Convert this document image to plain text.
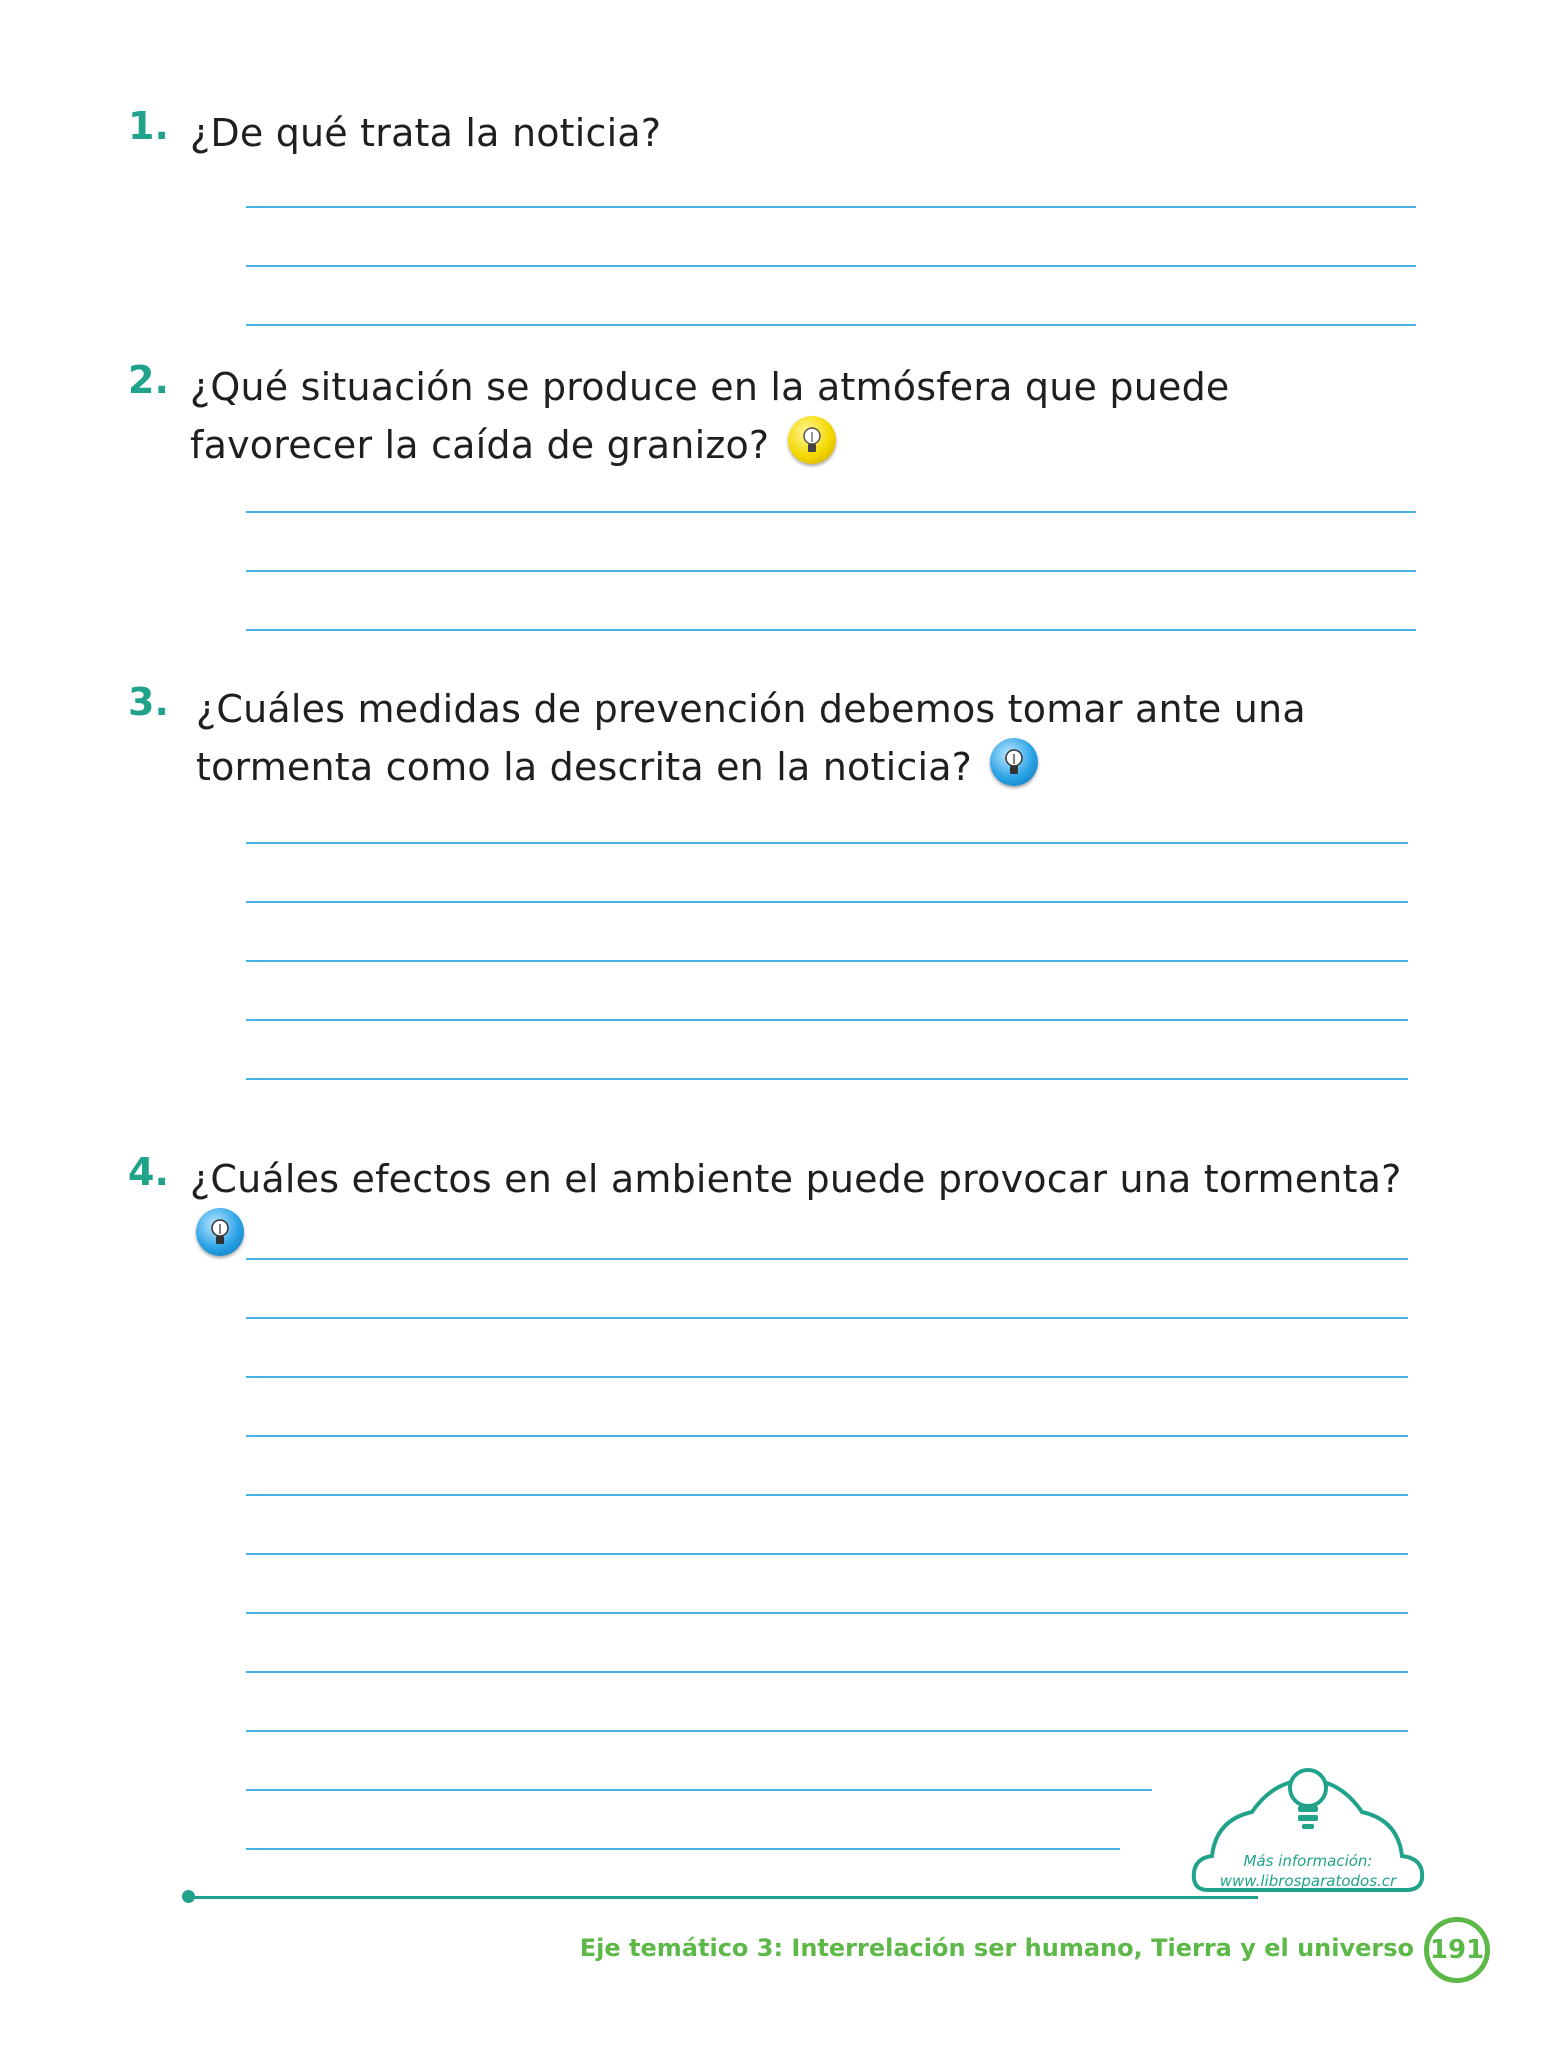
1. ¿De qué trata la noticia?
2. ¿Qué situación se produce en la atmósfera que puede favorecer la caída de granizo?
3. ¿Cuáles medidas de prevención debemos tomar ante una tormenta como la descrita en la noticia?
4. ¿Cuáles efectos en el ambiente puede provocar una tormenta?
Más información:
www.librosparatodos.cr
Eje temático 3: Interrelación ser humano, Tierra y el universo 191
